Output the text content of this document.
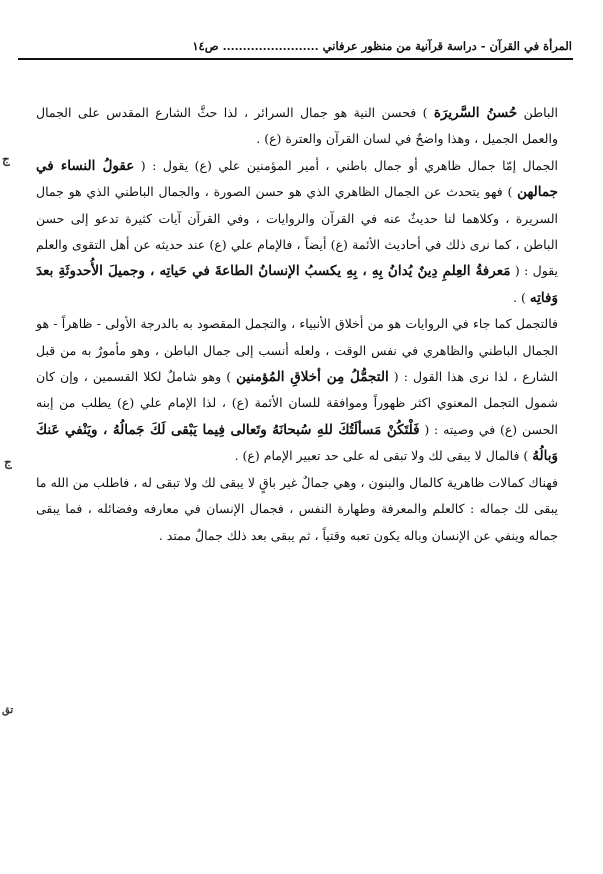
المرأة في القرآن - دراسة قرآنية من منظور عرفاني ........................ ص١٤

الباطن حُسنُ السَّريرَة ) فحسن النية هو جمال السرائر ، لذا حثَّ الشارع المقدس على الجمال والعمل الجميل ، وهذا واضحٌ في لسان القرآن والعترة (ع) .

الجمال إمّا جمال ظاهري أو جمال باطني ، أمير المؤمنين علي (ع) يقول : ( عقولُ النساء في جمالهن ) فهو يتحدث عن الجمال الظاهري الذي هو حسن الصورة ، والجمال الباطني الذي هو جمال السريرة ، وكلاهما لنا حديثٌ عنه في القرآن والروايات ، وفي القرآن آيات كثيرة تدعو إلى حسن الباطن ، كما نرى ذلك في أحاديث الأئمة (ع) أيضاً ، فالإمام علي (ع) عند حديثه عن أهل التقوى والعلم يقول : ( مَعرفةُ العِلمِ دِينٌ يُدانُ بِهِ ، بِهِ يكسبُ الإنسانُ الطاعةَ في حَياتِه ، وجميلَ الأُحدوثَةِ بعدَ وَفاتِه ) .

فالتجمل كما جاء في الروايات هو من أخلاق الأنبياء ، والتجمل المقصود به بالدرجة الأولى - ظاهراً - هو الجمال الباطني والظاهري في نفس الوقت ، ولعله أنسب إلى جمال الباطن ، وهو مأمورٌ به من قبل الشارع ، لذا نرى هذا القول : ( التجمُّلُ مِن أخلاقِ المُؤمنين ) وهو شاملٌ لكلا القسمين ، وإن كان شمول التجمل المعنوي اكثر ظهوراً وموافقة للسان الأئمة (ع) ، لذا الإمام علي (ع) يطلب من إبنه الحسن (ع) في وصيته : ( فَلْتَكُنْ مَسألَتُكَ للهِ سُبحانَهُ وتَعالى فِيما يَبْقى لَكَ جَمالُهُ ، ويَنْفي عَنكَ وَبالُهُ ) فالمال لا يبقى لك ولا تبقى له على حد تعبير الإمام (ع) .

فهناك كمالات ظاهرية كالمال والبنون ، وهي جمالٌ غير باقٍ لا يبقى لك ولا تبقى له ، فاطلب من الله ما يبقى لك جماله : كالعلم والمعرفة وطهارة النفس ، فجمال الإنسان في معارفه وفضائله ، فما يبقى جماله وينفي عن الإنسان وباله يكون تعبه وقتياً ، ثم يبقى بعد ذلك جمالٌ ممتد .

ج
ج
تق
